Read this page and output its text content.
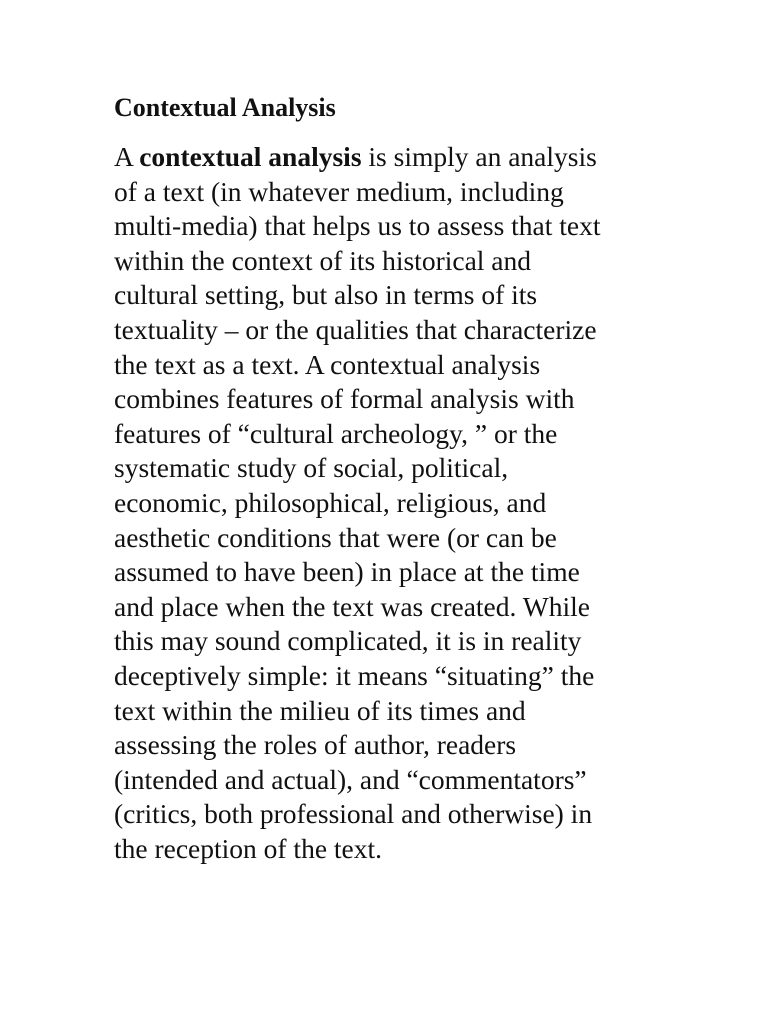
Contextual Analysis
A contextual analysis is simply an analysis
of a text (in whatever medium, including
multi-media) that helps us to assess that text
within the context of its historical and
cultural setting, but also in terms of its
textuality – or the qualities that characterize
the text as a text. A contextual analysis
combines features of formal analysis with
features of “cultural archeology, ” or the
systematic study of social, political,
economic, philosophical, religious, and
aesthetic conditions that were (or can be
assumed to have been) in place at the time
and place when the text was created. While
this may sound complicated, it is in reality
deceptively simple: it means “situating” the
text within the milieu of its times and
assessing the roles of author, readers
(intended and actual), and “commentators”
(critics, both professional and otherwise) in
the reception of the text.
